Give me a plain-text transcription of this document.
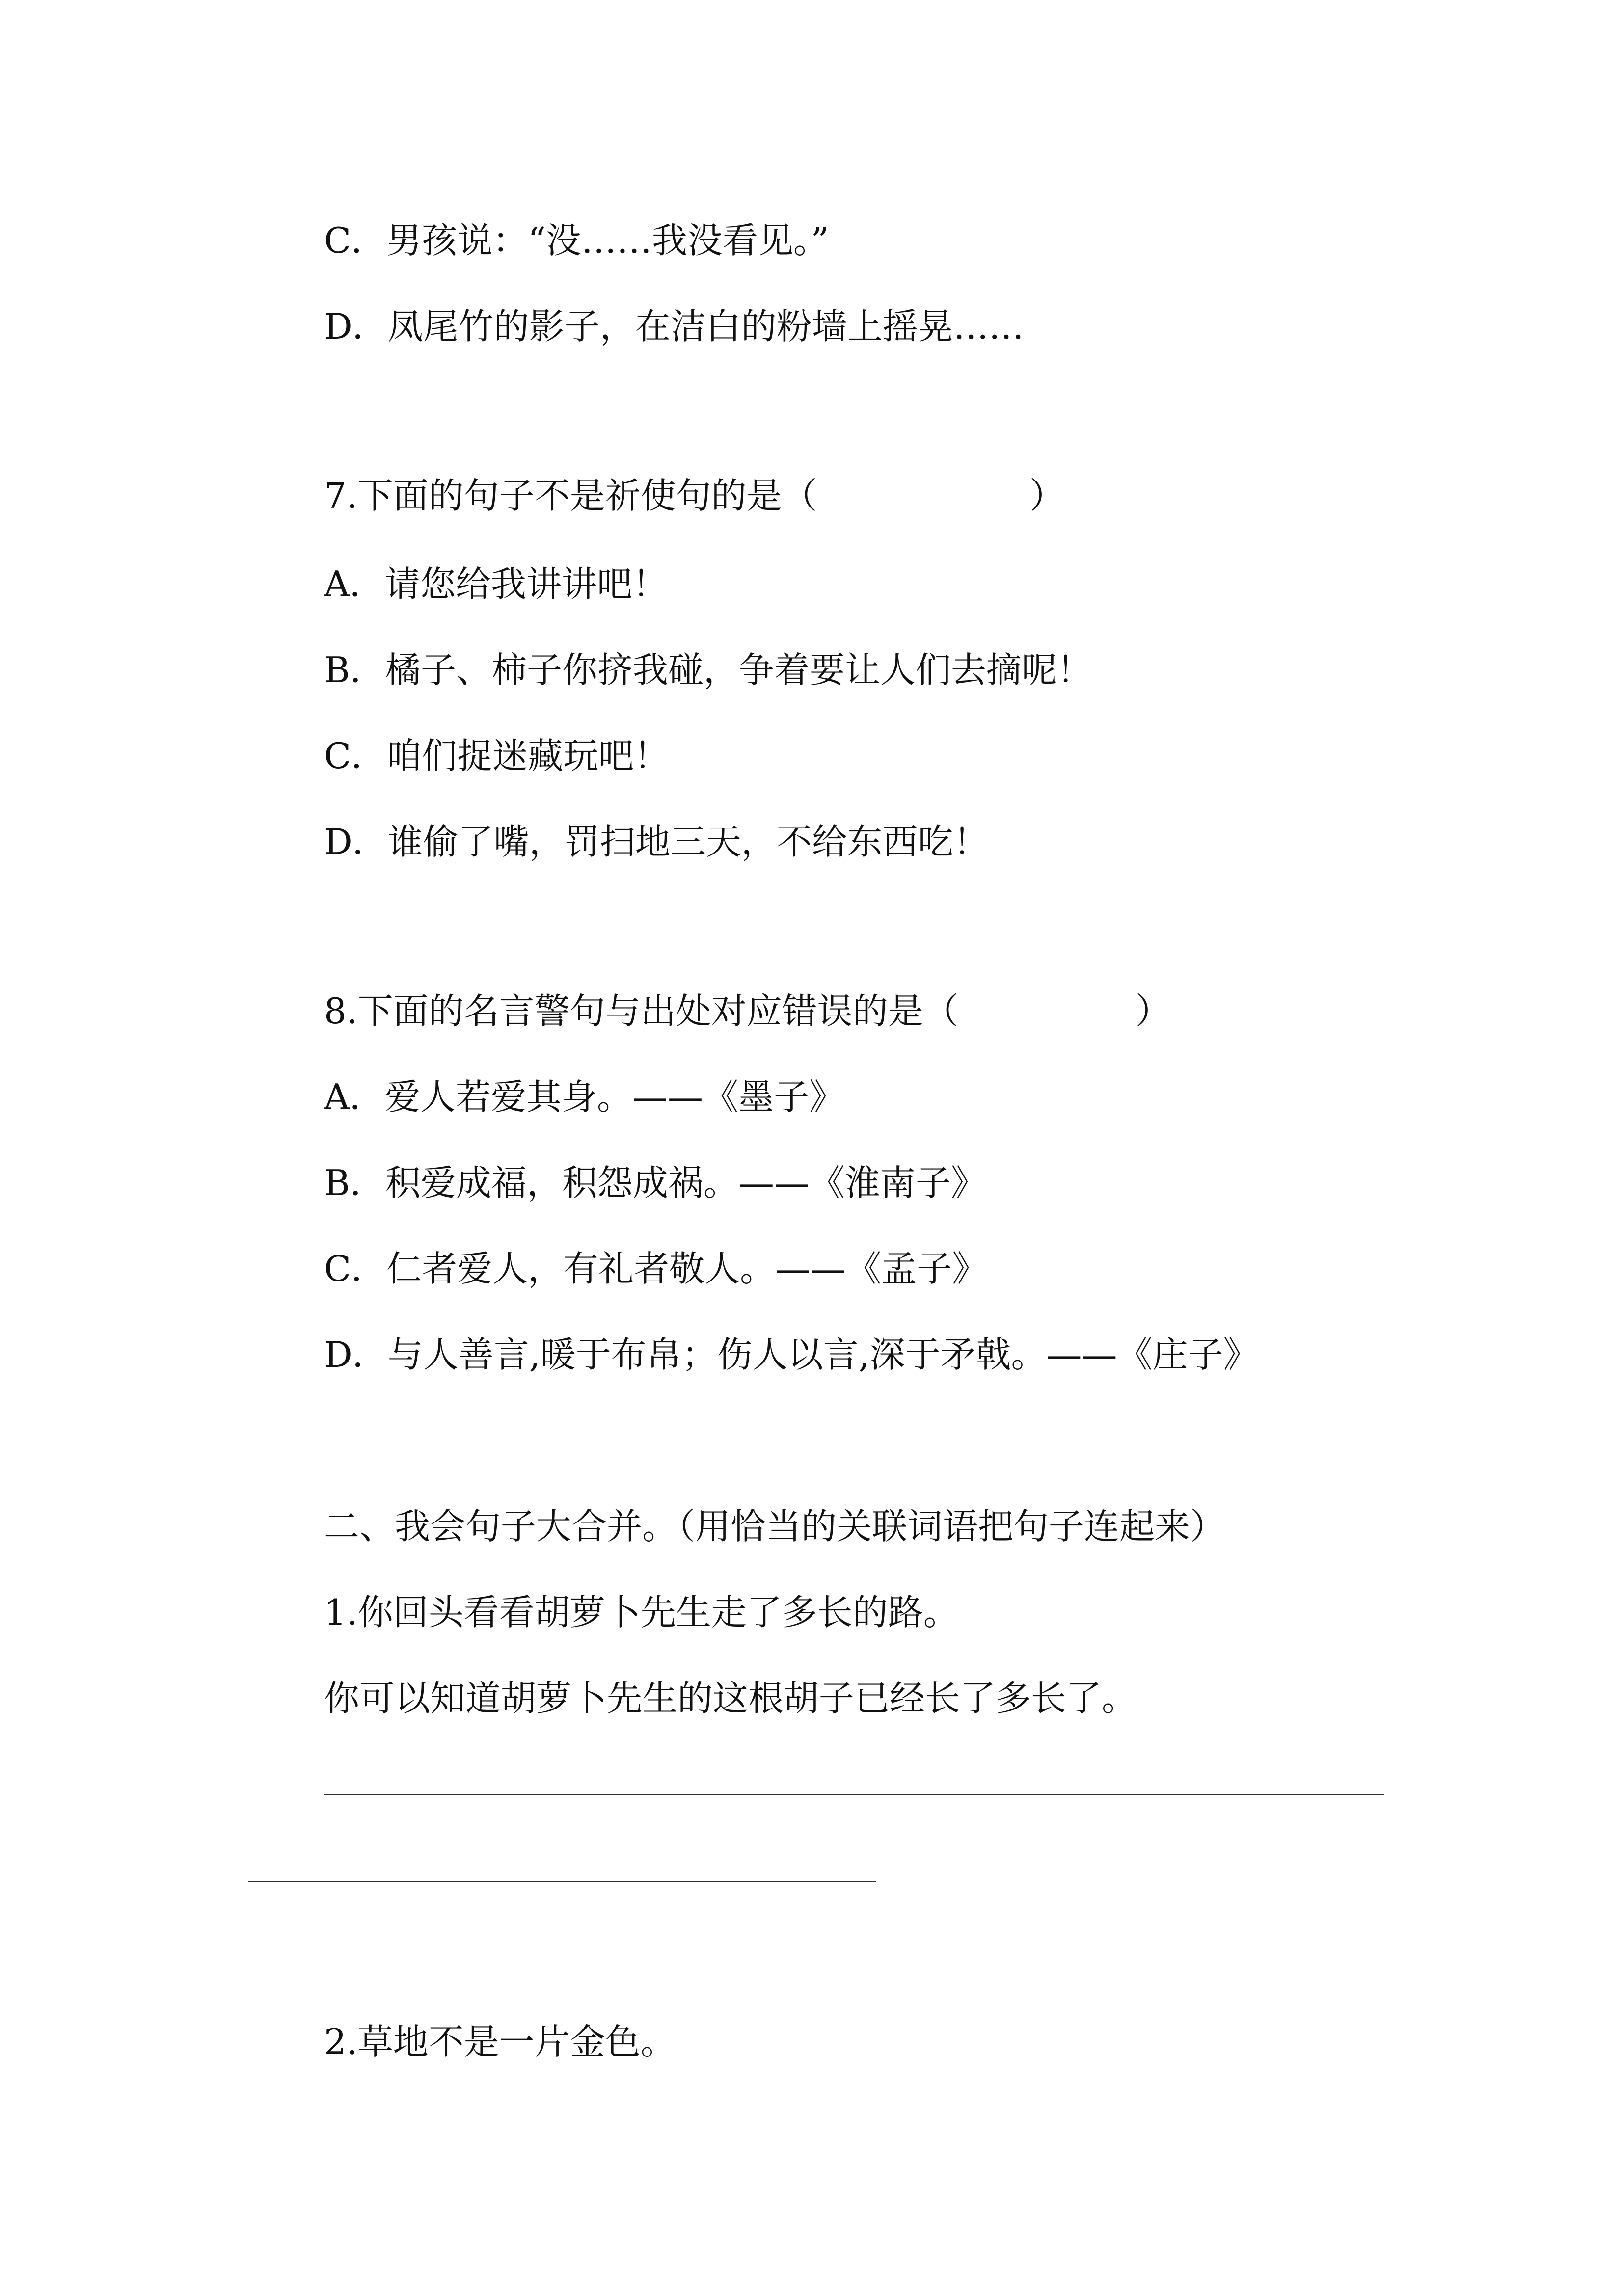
C．男孩说：“没……我没看见。”
D．凤尾竹的影子，在洁白的粉墙上摇晃……
7.下面的句子不是祈使句的是（　　　　　　）
A．请您给我讲讲吧！
B．橘子、柿子你挤我碰，争着要让人们去摘呢！
C．咱们捉迷藏玩吧！
D．谁偷了嘴，罚扫地三天，不给东西吃！
8.下面的名言警句与出处对应错误的是（　　　　　）
A．爱人若爱其身。——《墨子》
B．积爱成福，积怨成祸。——《淮南子》
C．仁者爱人，有礼者敬人。——《孟子》
D．与人善言,暖于布帛；伤人以言,深于矛戟。——《庄子》
二、我会句子大合并。（用恰当的关联词语把句子连起来）
1.你回头看看胡萝卜先生走了多长的路。
你可以知道胡萝卜先生的这根胡子已经长了多长了。
2.草地不是一片金色。
